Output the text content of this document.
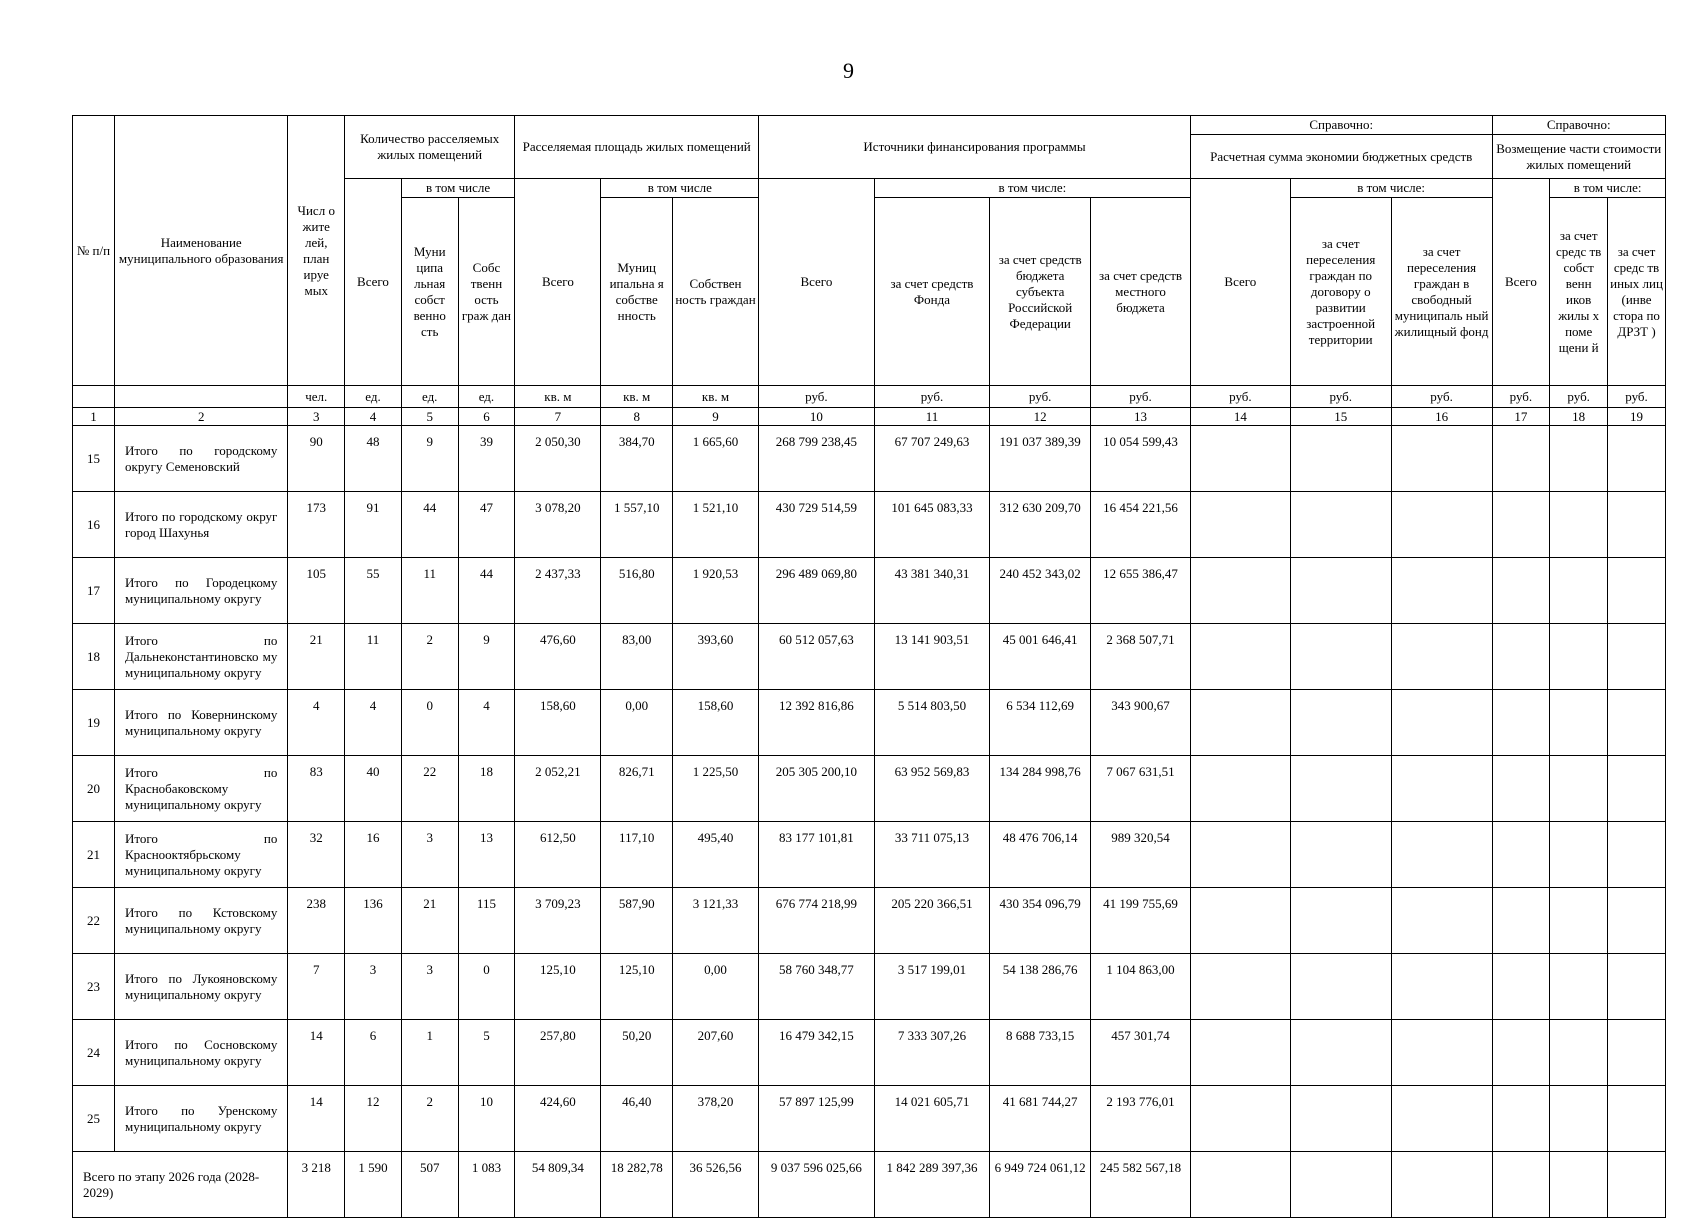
9
№ п/п	Наименование муниципального образования	Числ о жите лей, план ируе мых	Количество расселяемых жилых помещений			Расселяемая площадь жилых помещений			Источники финансирования программы				Справочно:			Справочно:		
													Расчетная сумма экономии бюджетных средств			Возмещение части стоимости жилых помещений		
			Всего	в том числе		Всего	в том числе		Всего	в том числе:			Всего	в том числе:		Всего	в том числе:	
				Муни ципа льная собст венно сть	Собс твенн ость граж дан		Муниц ипальна я собстве нность	Собствен ность граждан		за счет средств Фонда	за счет средств бюджета субъекта Российской Федерации	за счет средств местного бюджета		за счет переселения граждан по договору о развитии застроенной территории	за счет переселения граждан в свободный муниципаль ный жилищный фонд		за счет средс тв собст венн иков жилы х поме щени й	за счет средс тв иных лиц (инве стора по ДРЗТ )
		чел.	ед.	ед.	ед.	кв. м	кв. м	кв. м	руб.	руб.	руб.	руб.	руб.	руб.	руб.	руб.	руб.	руб.
1	2	3	4	5	6	7	8	9	10	11	12	13	14	15	16	17	18	19
15	Итого по городскому округу Семеновский	90	48	9	39	2 050,30	384,70	1 665,60	268 799 238,45	67 707 249,63	191 037 389,39	10 054 599,43						
16	Итого по городскому округ город Шахунья	173	91	44	47	3 078,20	1 557,10	1 521,10	430 729 514,59	101 645 083,33	312 630 209,70	16 454 221,56						
17	Итого по Городецкому муниципальному округу	105	55	11	44	2 437,33	516,80	1 920,53	296 489 069,80	43 381 340,31	240 452 343,02	12 655 386,47						
18	Итого по Дальнеконстантиновско му муниципальному округу	21	11	2	9	476,60	83,00	393,60	60 512 057,63	13 141 903,51	45 001 646,41	2 368 507,71						
19	Итого по Ковернинскому муниципальному округу	4	4	0	4	158,60	0,00	158,60	12 392 816,86	5 514 803,50	6 534 112,69	343 900,67						
20	Итого по Краснобаковскому муниципальному округу	83	40	22	18	2 052,21	826,71	1 225,50	205 305 200,10	63 952 569,83	134 284 998,76	7 067 631,51						
21	Итого по Краснооктябрьскому муниципальному округу	32	16	3	13	612,50	117,10	495,40	83 177 101,81	33 711 075,13	48 476 706,14	989 320,54						
22	Итого по Кстовскому муниципальному округу	238	136	21	115	3 709,23	587,90	3 121,33	676 774 218,99	205 220 366,51	430 354 096,79	41 199 755,69						
23	Итого по Лукояновскому муниципальному округу	7	3	3	0	125,10	125,10	0,00	58 760 348,77	3 517 199,01	54 138 286,76	1 104 863,00						
24	Итого по Сосновскому муниципальному округу	14	6	1	5	257,80	50,20	207,60	16 479 342,15	7 333 307,26	8 688 733,15	457 301,74						
25	Итого по Уренскому муниципальному округу	14	12	2	10	424,60	46,40	378,20	57 897 125,99	14 021 605,71	41 681 744,27	2 193 776,01						
Всего по этапу 2026 года (2028-2029)		3 218	1 590	507	1 083	54 809,34	18 282,78	36 526,56	9 037 596 025,66	1 842 289 397,36	6 949 724 061,12	245 582 567,18						
